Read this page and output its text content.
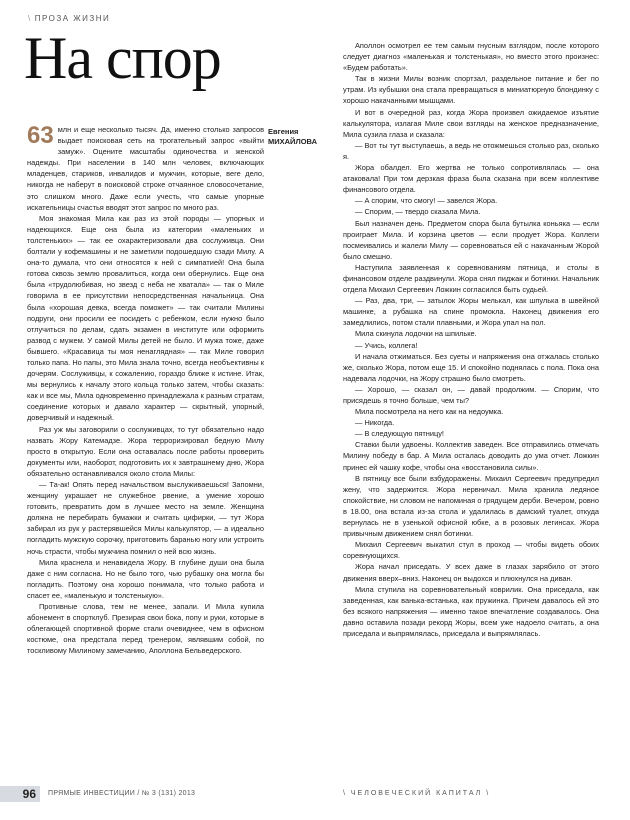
\ ПРОЗА ЖИЗНИ
На спор
Евгения
МИХАЙЛОВА

63 млн и еще несколько тысяч. Да, именно столько запросов выдает поисковая сеть на трогательный запрос «выйти замуж». Оцените масштабы одиночества и женской надежды. При населении в 140 млн человек, включающих младенцев, стариков, инвалидов и мужчин, которые, веге дело, никогда не наберут в поисковой строке отчаянное словосочетание, это слишком много. Даже если учесть, что самые упорные искательницы счастья вводят этот запрос по много раз.

Моя знакомая Мила как раз из этой породы — упорных и надеющихся. Еще она была из категории «маленьких и толстеньких» — так ее охарактеризовали два сослуживца. Они болтали у кофемашины и не заметили подошедшую сзади Милу. А она-то думала, что они относятся к ней с симпатией! Она была готова сквозь землю провалиться, когда они обернулись. Еще она была «трудолюбивая, но звезд с неба не хватала» — так о Миле говорила в ее присутствии непосредственная начальница. Она была «хорошая девка, всегда поможет» — так считали Милины подруги, они просили ее посидеть с ребенком, если нужно было отлучиться по делам, сдать экзамен в институте или оформить развод с мужем. У самой Милы детей не было. И мужа тоже, даже бывшего. «Красавица ты моя ненаглядная» — так Миле говорил только папа. Но папы, это Мила знала точно, всегда необъективны к дочерям. Сослуживцы, к сожалению, гораздо ближе к истине. Итак, мы вернулись к началу этого кольца только затем, чтобы сказать: как и все мы, Мила одновременно принадлежала к разным стратам, соединение которых и давало характер — скрытный, упорный, доверчивый и надежный.

Раз уж мы заговорили о сослуживцах, то тут обязательно надо назвать Жору Катемадзе. Жора терроризировал бедную Милу просто в открытую. Если она оставалась после работы проверить документы или, наоборот, подготовить их к завтрашнему дню, Жора обязательно останавливался около стола Милы:

— Та-ак! Опять перед начальством выслуживаешься! Запомни, женщину украшает не служебное рвение, а умение хорошо готовить, превратить дом в лучшее место на земле. Женщина должна не перебирать бумажки и считать цифирки, — тут Жора забирал из рук у растерявшейся Милы калькулятор, — а идеально погладить мужскую сорочку, приготовить баранью ногу или устроить ночь страсти, чтобы мужчина помнил о ней всю жизнь.

Мила краснела и ненавидела Жору. В глубине души она была даже с ним согласна. Но не было того, чью рубашку она могла бы погладить. Поэтому она хорошо понимала, что только работа и спасет ее, «маленькую и толстенькую».

Противные слова, тем не менее, запали. И Мила купила абонемент в спортклуб. Презирая свои бока, попу и руки, которые в облегающей спортивной форме стали очевиднее, чем в офисном костюме, она предстала перед тренером, являвшим собой, по тоскливому Милиному замечанию, Аполлона Бельведерского.

Аполлон осмотрел ее тем самым гнусным взглядом, после которого следует диагноз «маленькая и толстенькая», но вместо этого произнес: «Будем работать».

Так в жизни Милы возник спортзал, раздельное питание и бег по утрам. Из кубышки она стала превращаться в миниатюрную блондинку с хорошо накачанными мышцами.

И вот в очередной раз, когда Жора произвел ожидаемое изъятие калькулятора, излагая Миле свои взгляды на женское предназначение, Мила сузила глаза и сказала:

— Вот ты тут выступаешь, а ведь не отожмешься столько раз, сколько я.

Жора обалдел. Его жертва не только сопротивлялась — она атаковала! При том дерзкая фраза была сказана при всем коллективе финансового отдела.

— А спорим, что смогу! — завелся Жора.

— Спорим, — твердо сказала Мила.

Был назначен день. Предметом спора была бутылка коньяка — если проиграет Мила. И корзина цветов — если продует Жора. Коллеги посмеивались и жалели Милу — соревноваться ей с накачанным Жорой было смешно.

Наступила заявленная к соревнованиям пятница, и столы в финансовом отделе раздвинули. Жора снял пиджак и ботинки. Начальник отдела Михаил Сергеевич Ложкин согласился быть судьей.

— Раз, два, три, — затылок Жоры мелькал, как шпулька в швейной машинке, а рубашка на спине промокла. Наконец движения его замедлились, потом стали плавными, и Жора упал на пол.

Мила скинула лодочки на шпильке.

— Учись, коллега!

И начала отжиматься. Без суеты и напряжения она отжалась столько же, сколько Жора, потом еще 15. И спокойно поднялась с пола. Пока она надевала лодочки, на Жору страшно было смотреть.

— Хорошо, — сказал он, — давай продолжим. — Спорим, что присядешь я точно больше, чем ты?

Мила посмотрела на него как на недоумка.

— Никогда.

— В следующую пятницу!

Ставки были удвоены. Коллектив заведен. Все отправились отмечать Милину победу в бар. А Мила осталась доводить до ума отчет. Ложкин принес ей чашку кофе, чтобы она «восстановила силы».

В пятницу все были взбудоражены. Михаил Сергеевич предупредил жену, что задержится. Жора нервничал. Мила хранила ледяное спокойствие, ни словом не напоминая о грядущем дерби. Вечером, ровно в 18.00, она встала из-за стола и удалилась в дамский туалет, откуда вернулась не в узенькой офисной юбке, а в розовых легинсах. Жора привычным движением снял ботинки.

Михаил Сергеевич выкатил стул в проход — чтобы видеть обоих соревнующихся.

Жора начал приседать. У всех даже в глазах зарябило от этого движения вверх–вниз. Наконец он выдохся и плюхнулся на диван.

Мила ступила на соревновательный коврилик. Она приседала, как заведенная, как ванька-встанька, как пружинка. Причем давалось ей это без всякого напряжения — именно такое впечатление создавалось. Она давно оставила позади рекорд Жоры, всем уже надоело считать, а она приседала и выпрямлялась, приседала и выпрямлялась.

96	ПРЯМЫЕ ИНВЕСТИЦИИ / № 3 (131) 2013	\ ЧЕЛОВЕЧЕСКИЙ КАПИТАЛ \
